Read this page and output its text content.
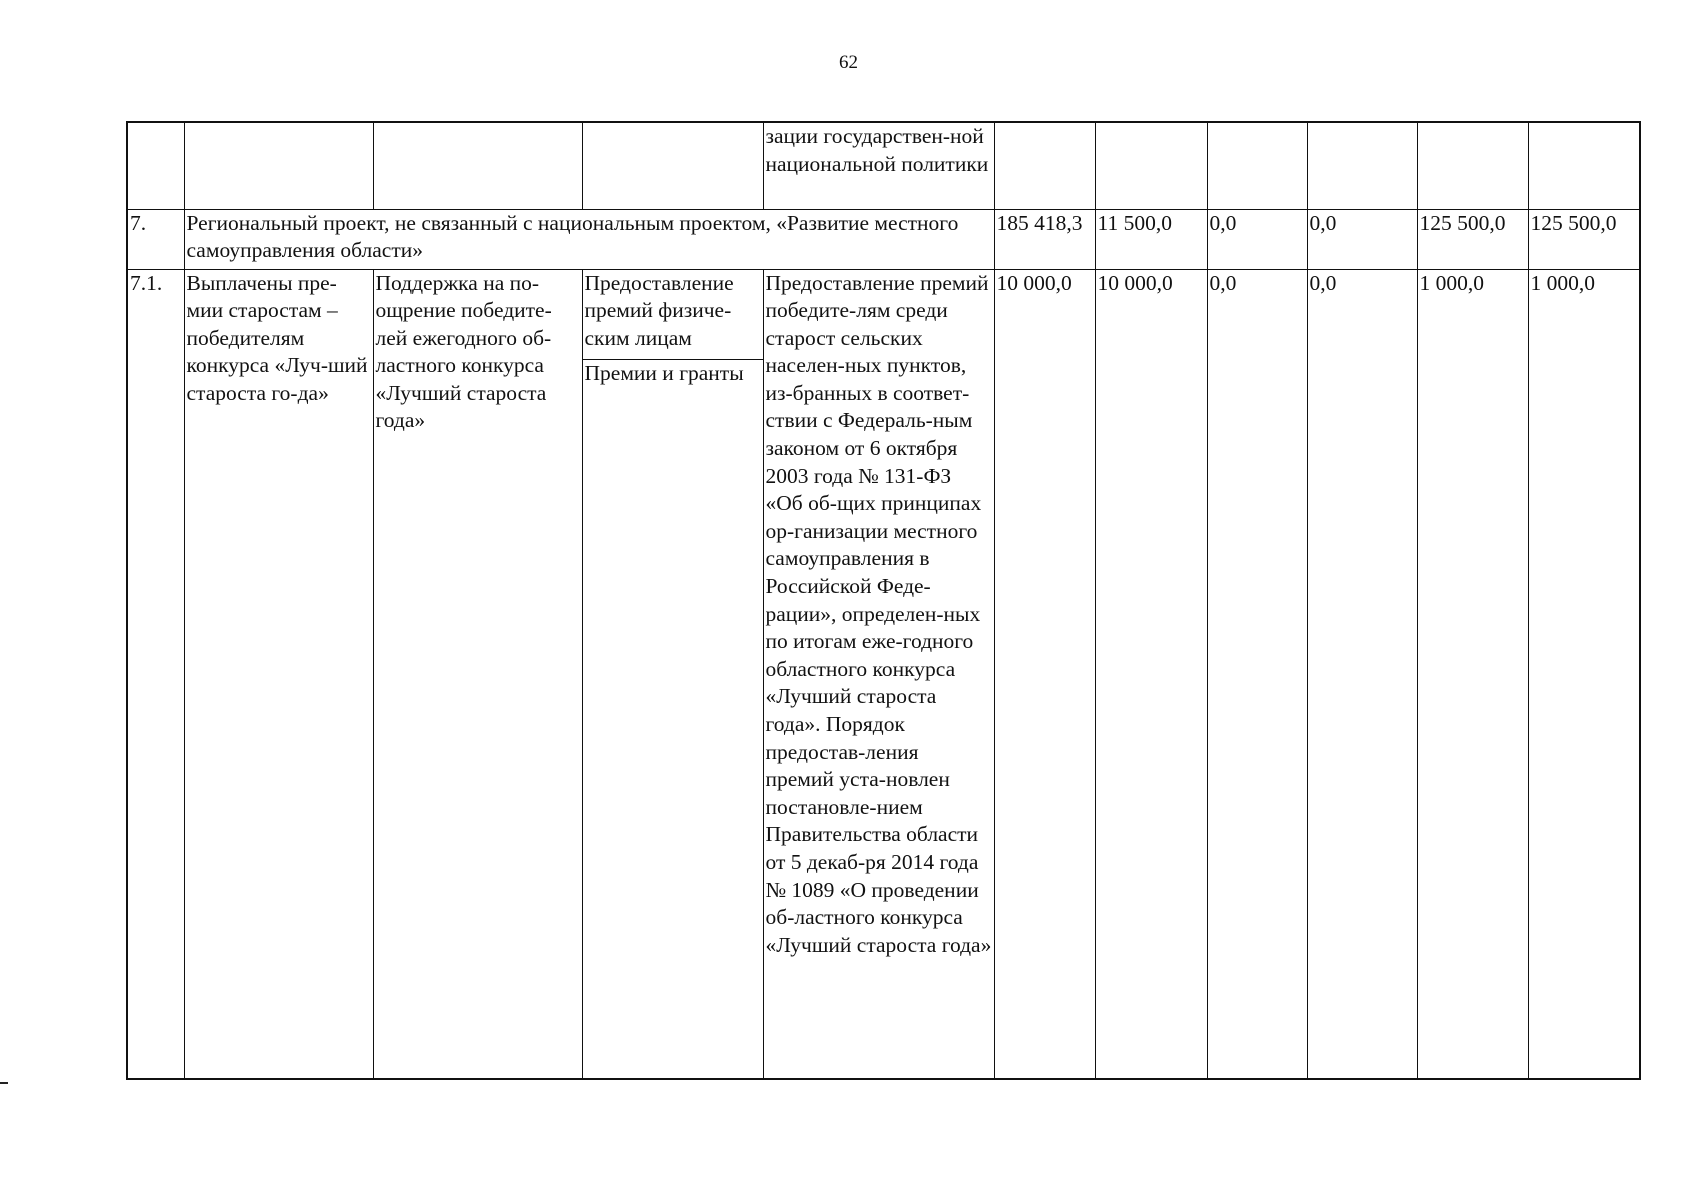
62
				зации государствен-ной национальной политики						
7.	Региональный проект, не связанный с национальным проектом, «Развитие местного самоуправления области»				185 418,3	11 500,0	0,0	0,0	125 500,0	125 500,0
7.1.	Выплачены пре-мии старостам – победителям конкурса «Луч-ший староста го-да»	Поддержка на по-ощрение победите-лей ежегодного об-ластного конкурса «Лучший староста года»	Предоставление премий физиче-ским лицам	Предоставление премий победите-лям среди старост сельских населен-ных пунктов, из-бранных в соответ-ствии с Федераль-ным законом от 6 октября 2003 года № 131-ФЗ «Об об-щих принципах ор-ганизации местного самоуправления в Российской Феде-рации», определен-ных по итогам еже-годного областного конкурса «Лучший староста года». Порядок предостав-ления премий уста-новлен постановле-нием Правительства области от 5 декаб-ря 2014 года № 1089 «О проведении об-ластного конкурса «Лучший староста года»	10 000,0	10 000,0	0,0	0,0	1 000,0	1 000,0
			Премии и гранты							
